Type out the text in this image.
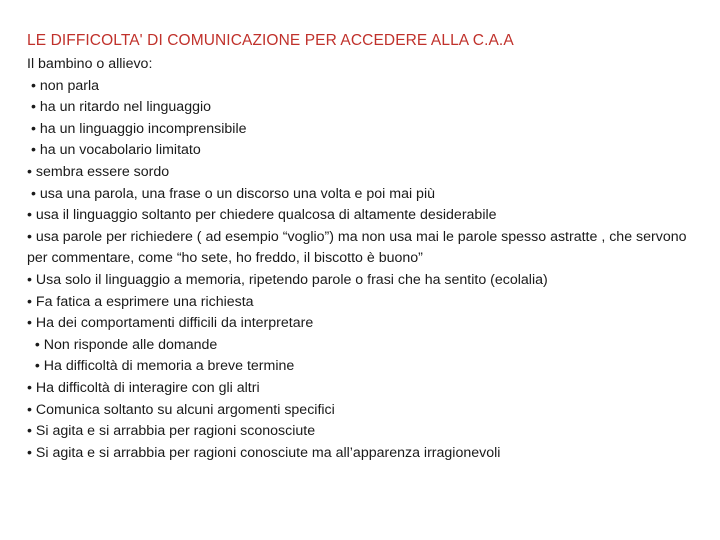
LE DIFFICOLTA' DI COMUNICAZIONE PER ACCEDERE ALLA C.A.A
Il bambino o allievo:
• non parla
• ha un ritardo nel linguaggio
• ha un linguaggio incomprensibile
• ha un vocabolario limitato
• sembra essere sordo
• usa una parola, una frase o un discorso una volta e poi mai più
• usa il linguaggio soltanto per chiedere qualcosa di altamente desiderabile
• usa parole per richiedere ( ad esempio “voglio”) ma non usa mai le parole spesso astratte , che servono per commentare, come “ho sete, ho freddo, il biscotto è buono”
• Usa solo il linguaggio a memoria, ripetendo parole o frasi che ha sentito (ecolalia)
• Fa fatica a esprimere una richiesta
• Ha dei comportamenti difficili da interpretare
• Non risponde alle domande
• Ha difficoltà di memoria a breve termine
• Ha difficoltà di interagire con gli altri
• Comunica soltanto su alcuni argomenti specifici
• Si agita e si arrabbia per ragioni sconosciute
• Si agita e si arrabbia per ragioni conosciute ma all’apparenza irragionevoli
